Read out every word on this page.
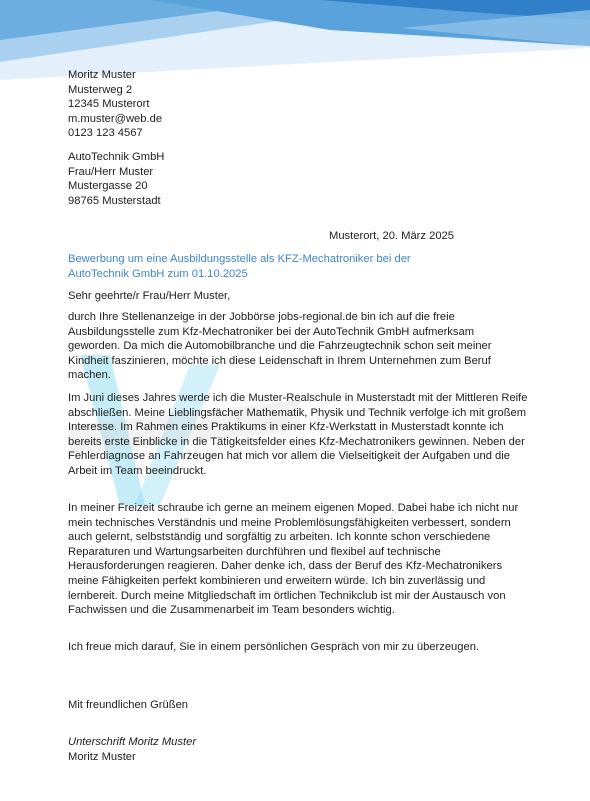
Moritz Muster
Musterweg 2
12345 Musterort
m.muster@web.de
0123 123 4567
AutoTechnik GmbH
Frau/Herr Muster
Mustergasse 20
98765 Musterstadt
Musterort, 20. März 2025
Bewerbung um eine Ausbildungsstelle als KFZ-Mechatroniker bei der AutoTechnik GmbH zum 01.10.2025
Sehr geehrte/r Frau/Herr Muster,

durch Ihre Stellenanzeige in der Jobbörse jobs-regional.de bin ich auf die freie Ausbildungsstelle zum Kfz-Mechatroniker bei der AutoTechnik GmbH aufmerksam geworden. Da mich die Automobilbranche und die Fahrzeugtechnik schon seit meiner Kindheit faszinieren, möchte ich diese Leidenschaft in Ihrem Unternehmen zum Beruf machen.

Im Juni dieses Jahres werde ich die Muster-Realschule in Musterstadt mit der Mittleren Reife abschließen. Meine Lieblingsfächer Mathematik, Physik und Technik verfolge ich mit großem Interesse. Im Rahmen eines Praktikums in einer Kfz-Werkstatt in Musterstadt konnte ich bereits erste Einblicke in die Tätigkeitsfelder eines Kfz-Mechatronikers gewinnen. Neben der Fehlerdiagnose an Fahrzeugen hat mich vor allem die Vielseitigkeit der Aufgaben und die Arbeit im Team beeindruckt.

In meiner Freizeit schraube ich gerne an meinem eigenen Moped. Dabei habe ich nicht nur mein technisches Verständnis und meine Problemlösungsfähigkeiten verbessert, sondern auch gelernt, selbstständig und sorgfältig zu arbeiten. Ich konnte schon verschiedene Reparaturen und Wartungsarbeiten durchführen und flexibel auf technische Herausforderungen reagieren. Daher denke ich, dass der Beruf des Kfz-Mechatronikers meine Fähigkeiten perfekt kombinieren und erweitern würde. Ich bin zuverlässig und lernbereit. Durch meine Mitgliedschaft im örtlichen Technikclub ist mir der Austausch von Fachwissen und die Zusammenarbeit im Team besonders wichtig.

Ich freue mich darauf, Sie in einem persönlichen Gespräch von mir zu überzeugen.

Mit freundlichen Grüßen
Unterschrift Moritz Muster
Moritz Muster
